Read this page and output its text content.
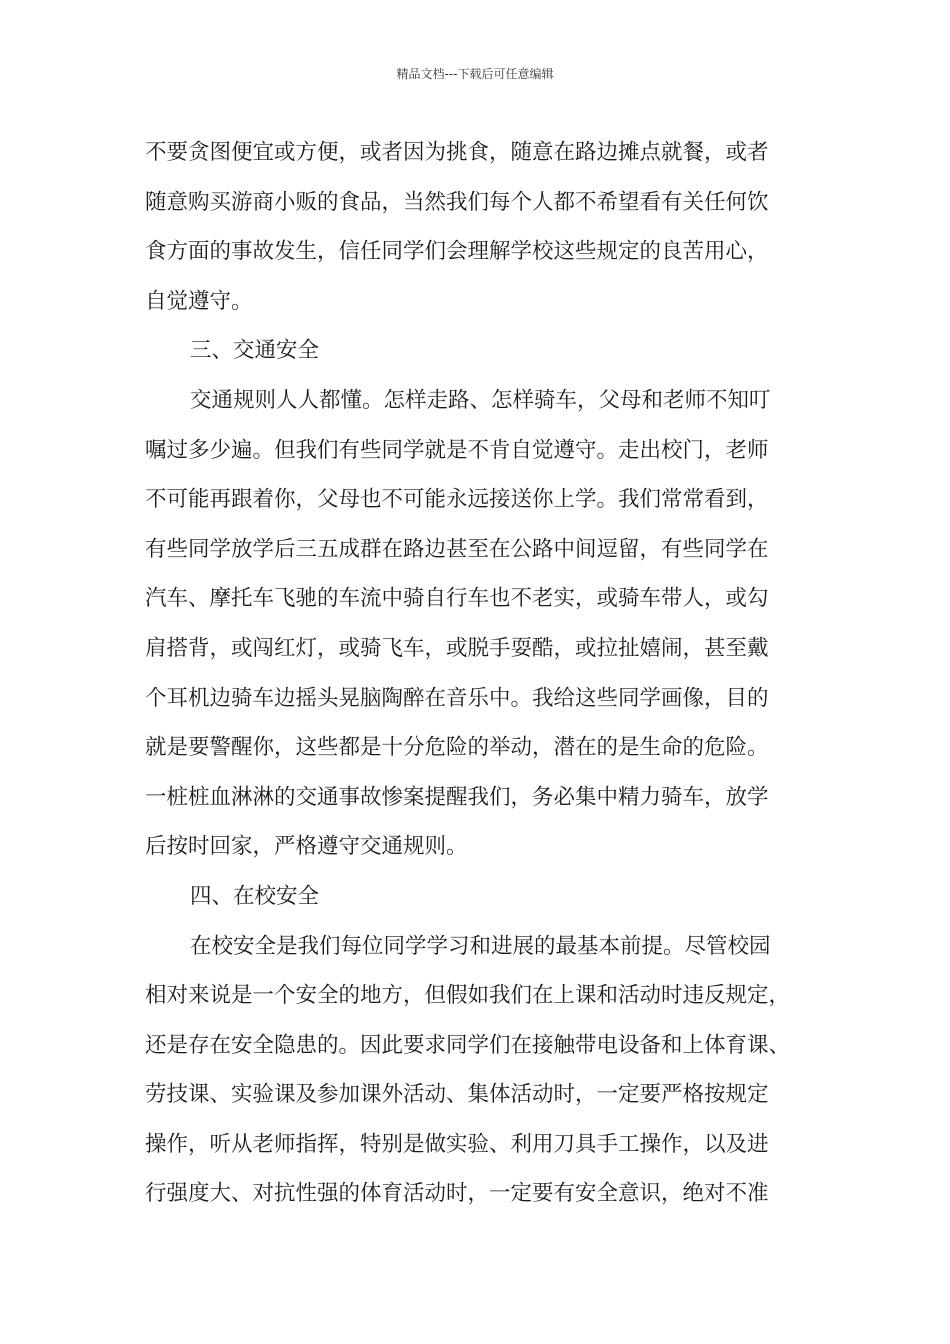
精品文档---下载后可任意编辑
不要贪图便宜或方便，或者因为挑食，随意在路边摊点就餐，或者
随意购买游商小贩的食品，当然我们每个人都不希望看有关任何饮
食方面的事故发生，信任同学们会理解学校这些规定的良苦用心，
自觉遵守。
三、交通安全
交通规则人人都懂。怎样走路、怎样骑车，父母和老师不知叮
嘱过多少遍。但我们有些同学就是不肯自觉遵守。走出校门，老师
不可能再跟着你，父母也不可能永远接送你上学。我们常常看到，
有些同学放学后三五成群在路边甚至在公路中间逗留，有些同学在
汽车、摩托车飞驰的车流中骑自行车也不老实，或骑车带人，或勾
肩搭背，或闯红灯，或骑飞车，或脱手耍酷，或拉扯嬉闹，甚至戴
个耳机边骑车边摇头晃脑陶醉在音乐中。我给这些同学画像，目的
就是要警醒你，这些都是十分危险的举动，潜在的是生命的危险。
一桩桩血淋淋的交通事故惨案提醒我们，务必集中精力骑车，放学
后按时回家，严格遵守交通规则。
四、在校安全
在校安全是我们每位同学学习和进展的最基本前提。尽管校园
相对来说是一个安全的地方，但假如我们在上课和活动时违反规定，
还是存在安全隐患的。因此要求同学们在接触带电设备和上体育课、
劳技课、实验课及参加课外活动、集体活动时，一定要严格按规定
操作，听从老师指挥，特别是做实验、利用刀具手工操作，以及进
行强度大、对抗性强的体育活动时，一定要有安全意识，绝对不准
